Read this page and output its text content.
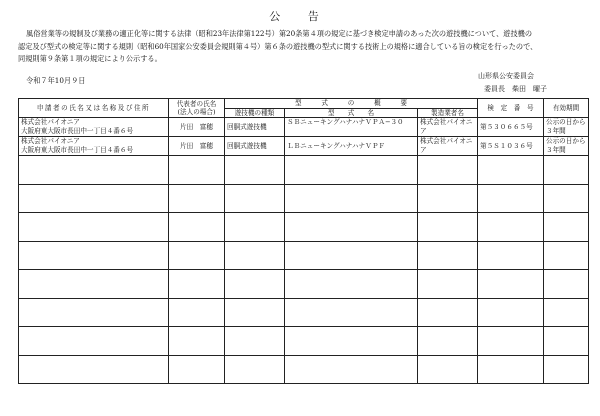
公 告

風俗営業等の規制及び業務の適正化等に関する法律（昭和23年法律第122号）第20条第４項の規定に基づき検定申請のあった次の遊技機について、遊技機の

認定及び型式の検定等に関する規則（昭和60年国家公安委員会規則第４号）第６条の遊技機の型式に関する技術上の規格に適合している旨の検定を行ったので、

同規則第９条第１項の規定により公示する。

令和７年10月９日	山形県公安委員会
委員長　柴田　曜子
申請者の氏名又は名称及び住所	代表者の氏名
(法人の場合)	型　　　式　　　の　　　概　　　要			検　定　番　号	有効期間
		遊技機の種類	型　　式　　名	製造業者名		

株式会社パイオニア
大阪府東大阪市長田中一丁目４番６号	片田　富穂	回胴式遊技機	ＳＢニューキングハナハナＶＰＡ−３０	株式会社パイオニア	第５３０６６５号	公示の日から３年間

株式会社パイオニア
大阪府東大阪市長田中一丁目４番６号	片田　富穂	回胴式遊技機	ＬＢニューキングハナハナＶＰＦ	株式会社パイオニア	第５Ｓ１０３６号	公示の日から３年間
